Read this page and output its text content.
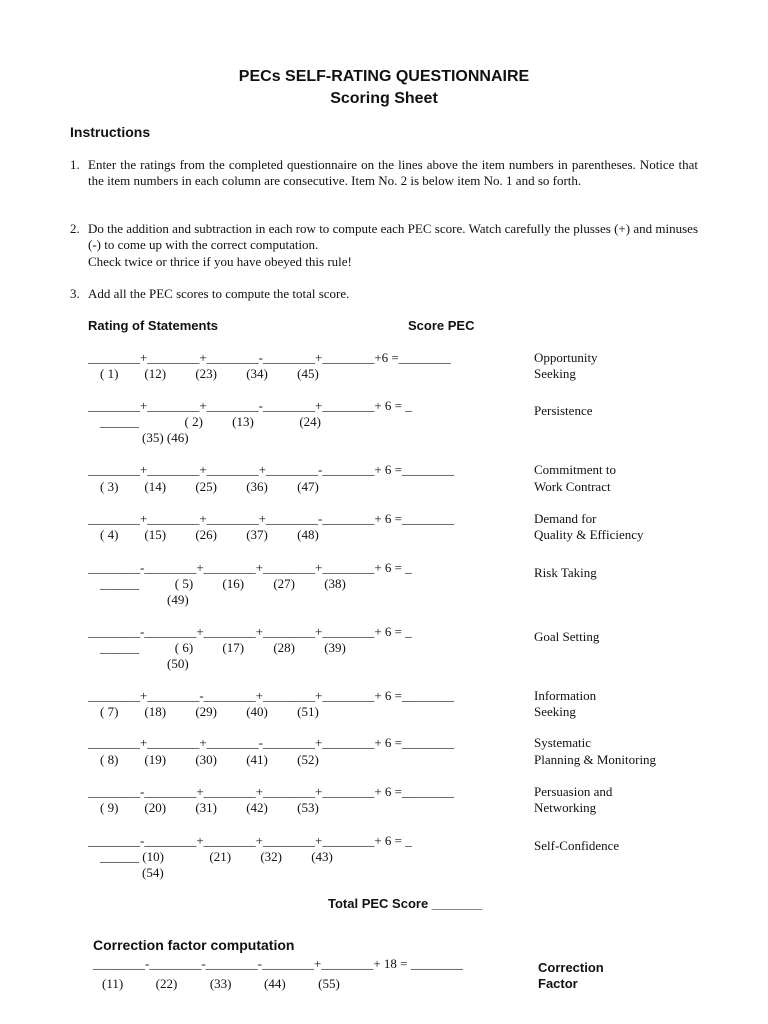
PECs SELF-RATING QUESTIONNAIRE
Scoring Sheet
Instructions
1. Enter the ratings from the completed questionnaire on the lines above the item numbers in parentheses. Notice that the item numbers in each column are consecutive. Item No. 2 is below item No. 1 and so forth.
2. Do the addition and subtraction in each row to compute each PEC score. Watch carefully the plusses (+) and minuses (-) to come up with the correct computation.
Check twice or thrice if you have obeyed this rule!
3. Add all the PEC scores to compute the total score.
Rating of Statements	Score PEC
________+________+________-________+________+6 =________
( 1)        (12)         (23)         (34)         (45)
Opportunity
Seeking
________+________+________-________+________+ 6 = _
______              ( 2)         (13)              (24)
(35) (46)
Persistence
________+________+________+________-________+ 6 =________
( 3)        (14)         (25)         (36)         (47)
Commitment to
Work Contract
________+________+________+________-________+ 6 =________
( 4)        (15)         (26)         (37)         (48)
Demand for
Quality & Efficiency
________-________+________+________+________+ 6 = _
______           ( 5)         (16)         (27)         (38)
(49)
Risk Taking
________-________+________+________+________+ 6 = _
______           ( 6)         (17)         (28)         (39)
(50)
Goal Setting
________+________-________+________+________+ 6 =________
( 7)        (18)         (29)         (40)         (51)
Information
Seeking
________+________+________-________+________+ 6 =________
( 8)        (19)         (30)         (41)         (52)
Systematic
Planning & Monitoring
________-________+________+________+________+ 6 =________
( 9)        (20)         (31)         (42)         (53)
Persuasion and
Networking
________-________+________+________+________+ 6 = _
______ (10)              (21)         (32)         (43)
(54)
Self-Confidence
Total PEC Score _______
Correction factor computation
________-________-________-________+________+ 18 = ________
(11)          (22)          (33)          (44)          (55)
Correction
Factor
